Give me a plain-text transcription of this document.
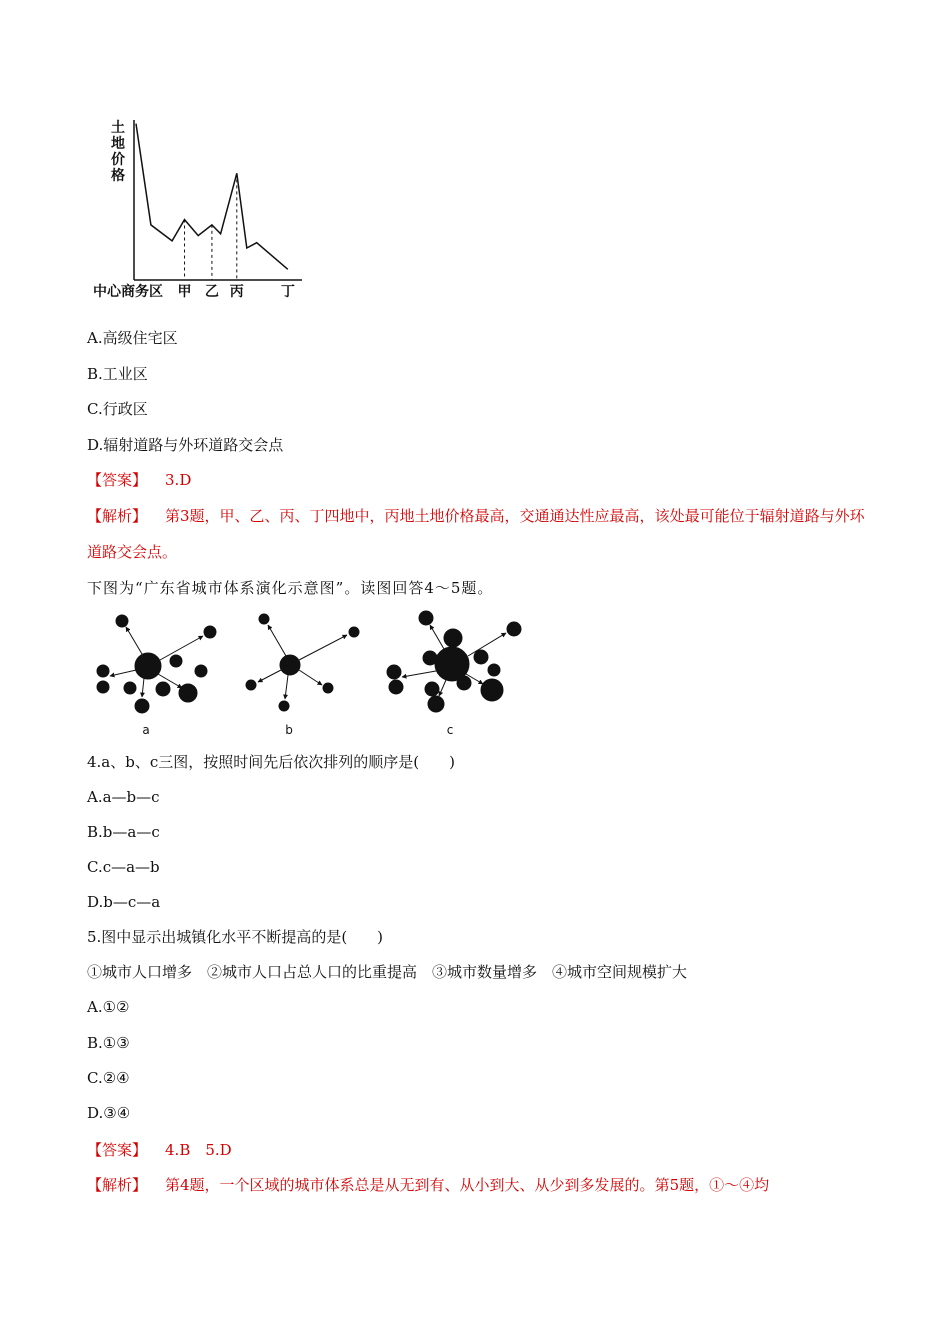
土
地
价
格
中心商务区 甲 乙 丙	丁
A.高级住宅区
B.工业区
C.行政区
D.辐射道路与外环道路交会点
【答案】 3.D
【解析】 第3题，甲、乙、丙、丁四地中，丙地土地价格最高，交通通达性应最高，该处最可能位于辐射道路与外环道路交会点。
下图为“广东省城市体系演化示意图”。读图回答4～5题。
a	b	c
4.a、b、c三图，按照时间先后依次排列的顺序是(　　)
A.a—b—c
B.b—a—c
C.c—a—b
D.b—c—a
5.图中显示出城镇化水平不断提高的是(　　)
①城市人口增多　②城市人口占总人口的比重提高　③城市数量增多　④城市空间规模扩大
A.①②
B.①③
C.②④
D.③④
【答案】 4.B　5.D
【解析】 第4题，一个区域的城市体系总是从无到有、从小到大、从少到多发展的。第5题，①～④均
